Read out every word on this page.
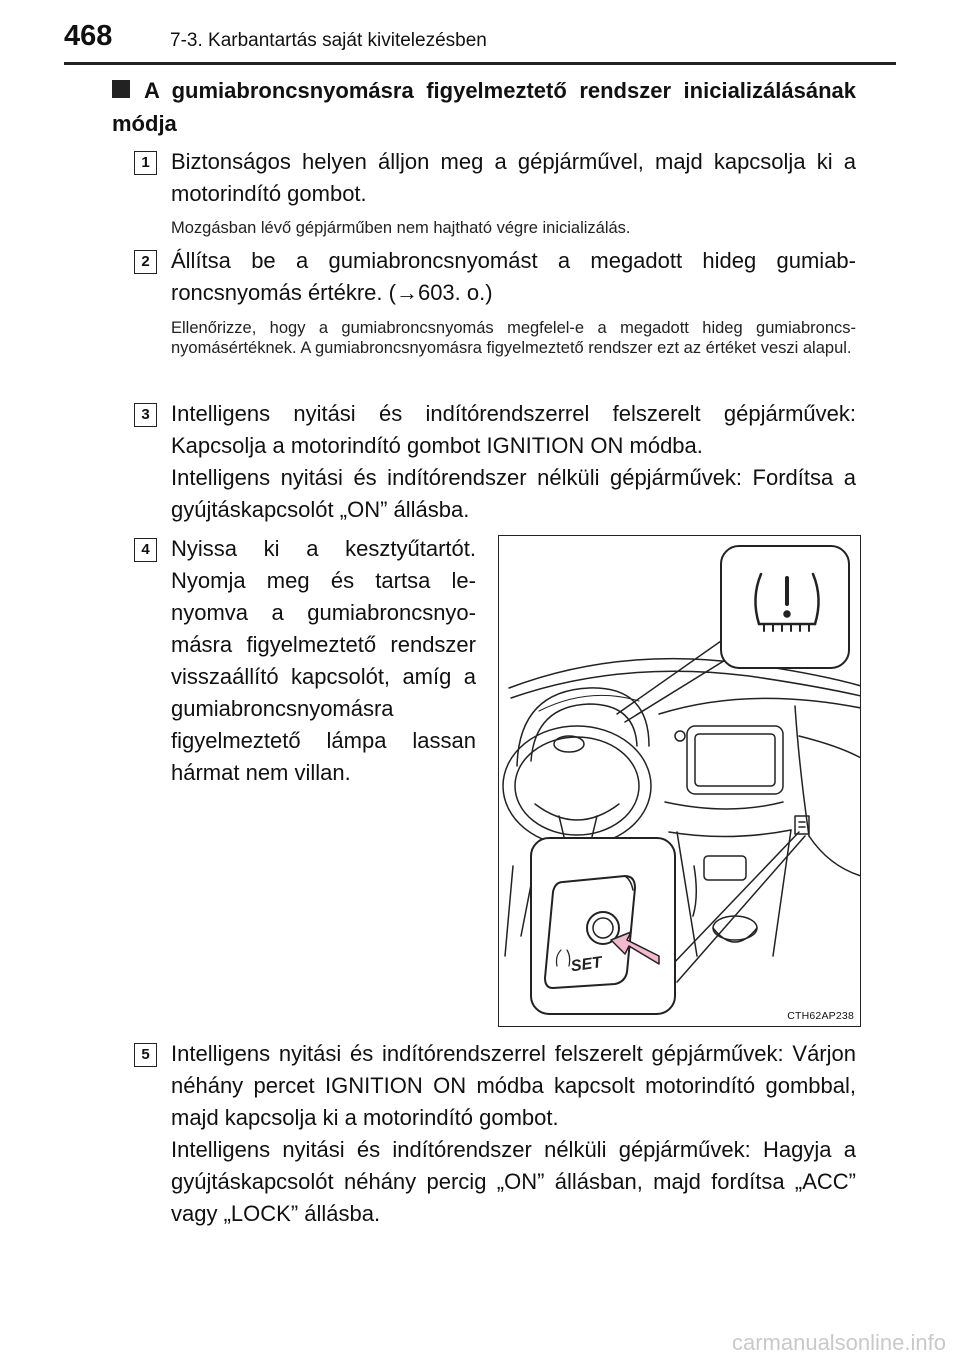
468	7-3. Karbantartás saját kivitelezésben
A gumiabroncsnyomásra figyelmeztető rendszer inicializálásának módja
1 Biztonságos helyen álljon meg a gépjárművel, majd kapcsolja ki a motorindító gombot.
Mozgásban lévő gépjárműben nem hajtható végre inicializálás.
2 Állítsa be a gumiabroncsnyomást a megadott hideg gumiabroncsnyomás értékre. (→603. o.)
Ellenőrizze, hogy a gumiabroncsnyomás megfelel-e a megadott hideg gumiabroncs-nyomásértéknek. A gumiabroncsnyomásra figyelmeztető rendszer ezt az értéket veszi alapul.
3 Intelligens nyitási és indítórendszerrel felszerelt gépjárművek: Kapcsolja a motorindító gombot IGNITION ON módba.

Intelligens nyitási és indítórendszer nélküli gépjárművek: Fordítsa a gyújtáskapcsolót „ON” állásba.

4 Nyissa ki a kesztyűtartót. Nyomja meg és tartsa lenyomva a gumiabroncsnyomásra figyelmeztető rendszer visszaállító kapcsolót, amíg a gumiabroncsnyomásra figyelmeztető lámpa lassan hármat nem villan.
SET
CTH62AP238
5 Intelligens nyitási és indítórendszerrel felszerelt gépjárművek: Várjon néhány percet IGNITION ON módba kapcsolt motorindító gombbal, majd kapcsolja ki a motorindító gombot.

Intelligens nyitási és indítórendszer nélküli gépjárművek: Hagyja a gyújtáskapcsolót néhány percig „ON” állásban, majd fordítsa „ACC” vagy „LOCK” állásba.

carmanualsonline.info
